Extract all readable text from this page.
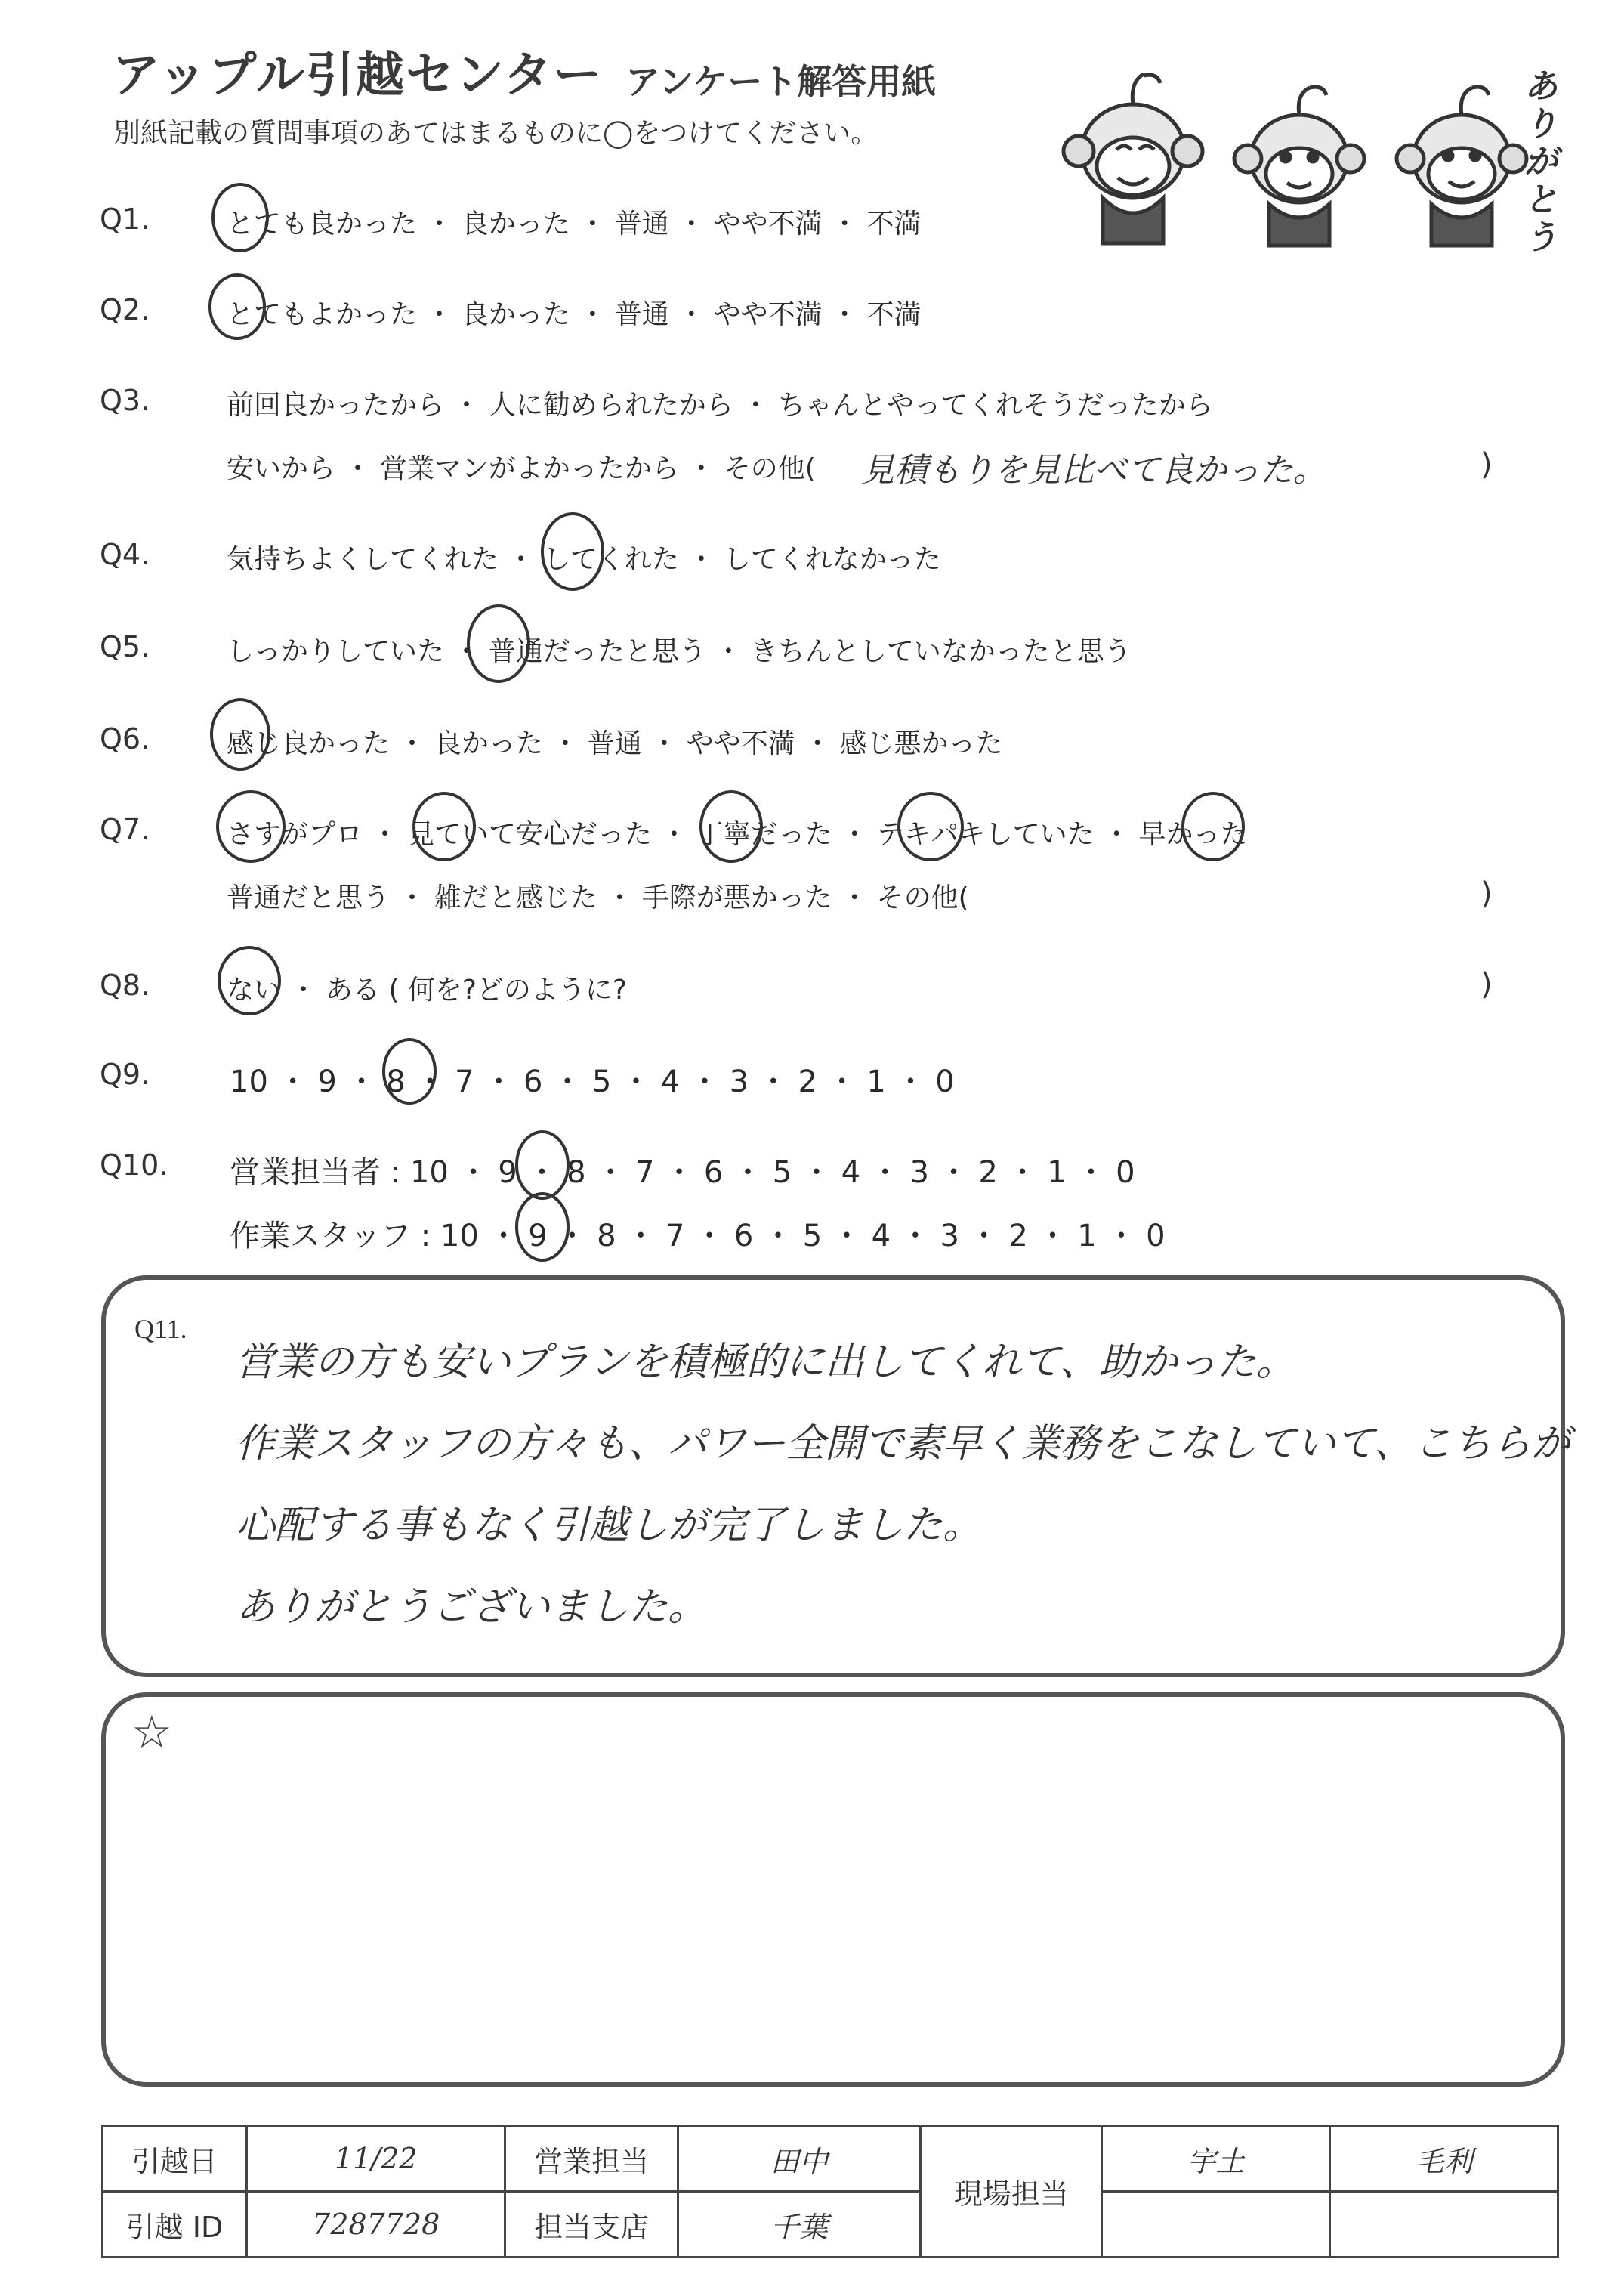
アップル引越センター アンケート解答用紙
別紙記載の質問事項のあてはまるものに◯をつけてください。
ありがとう
Q1.	とても良かった ・ 良かった ・ 普通 ・ やや不満 ・ 不満
Q2.	とてもよかった ・ 良かった ・ 普通 ・ やや不満 ・ 不満
Q3.	前回良かったから ・ 人に勧められたから ・ ちゃんとやってくれそうだったから
安いから ・ 営業マンがよかったから ・ その他( 見積もりを見比べて良かった。	)
Q4.	気持ちよくしてくれた ・ してくれた ・ してくれなかった
Q5.	しっかりしていた ・ 普通だったと思う ・ きちんとしていなかったと思う
Q6.	感じ良かった ・ 良かった ・ 普通 ・ やや不満 ・ 感じ悪かった
Q7.	さすがプロ ・ 見ていて安心だった ・ 丁寧だった ・ テキパキしていた ・ 早かった
普通だと思う ・ 雑だと感じた ・ 手際が悪かった ・ その他(	)
Q8.	ない ・ ある ( 何を?どのように?	)
Q9.	10 ・ 9 ・ 8 ・ 7 ・ 6 ・ 5 ・ 4 ・ 3 ・ 2 ・ 1 ・ 0
Q10. 営業担当者 : 10 ・ 9 ・ 8 ・ 7 ・ 6 ・ 5 ・ 4 ・ 3 ・ 2 ・ 1 ・ 0
作業スタッフ : 10 ・ 9 ・ 8 ・ 7 ・ 6 ・ 5 ・ 4 ・ 3 ・ 2 ・ 1 ・ 0
Q11.
営業の方も安いプランを積極的に出してくれて、助かった。
作業スタッフの方々も、パワー全開で素早く業務をこなしていて、こちらが
心配する事もなく引越しが完了しました。
ありがとうございました。
☆
引越日	11/22	営業担当	田中	現場担当	宇土	毛利
引越 ID	7287728	担当支店	千葉			
